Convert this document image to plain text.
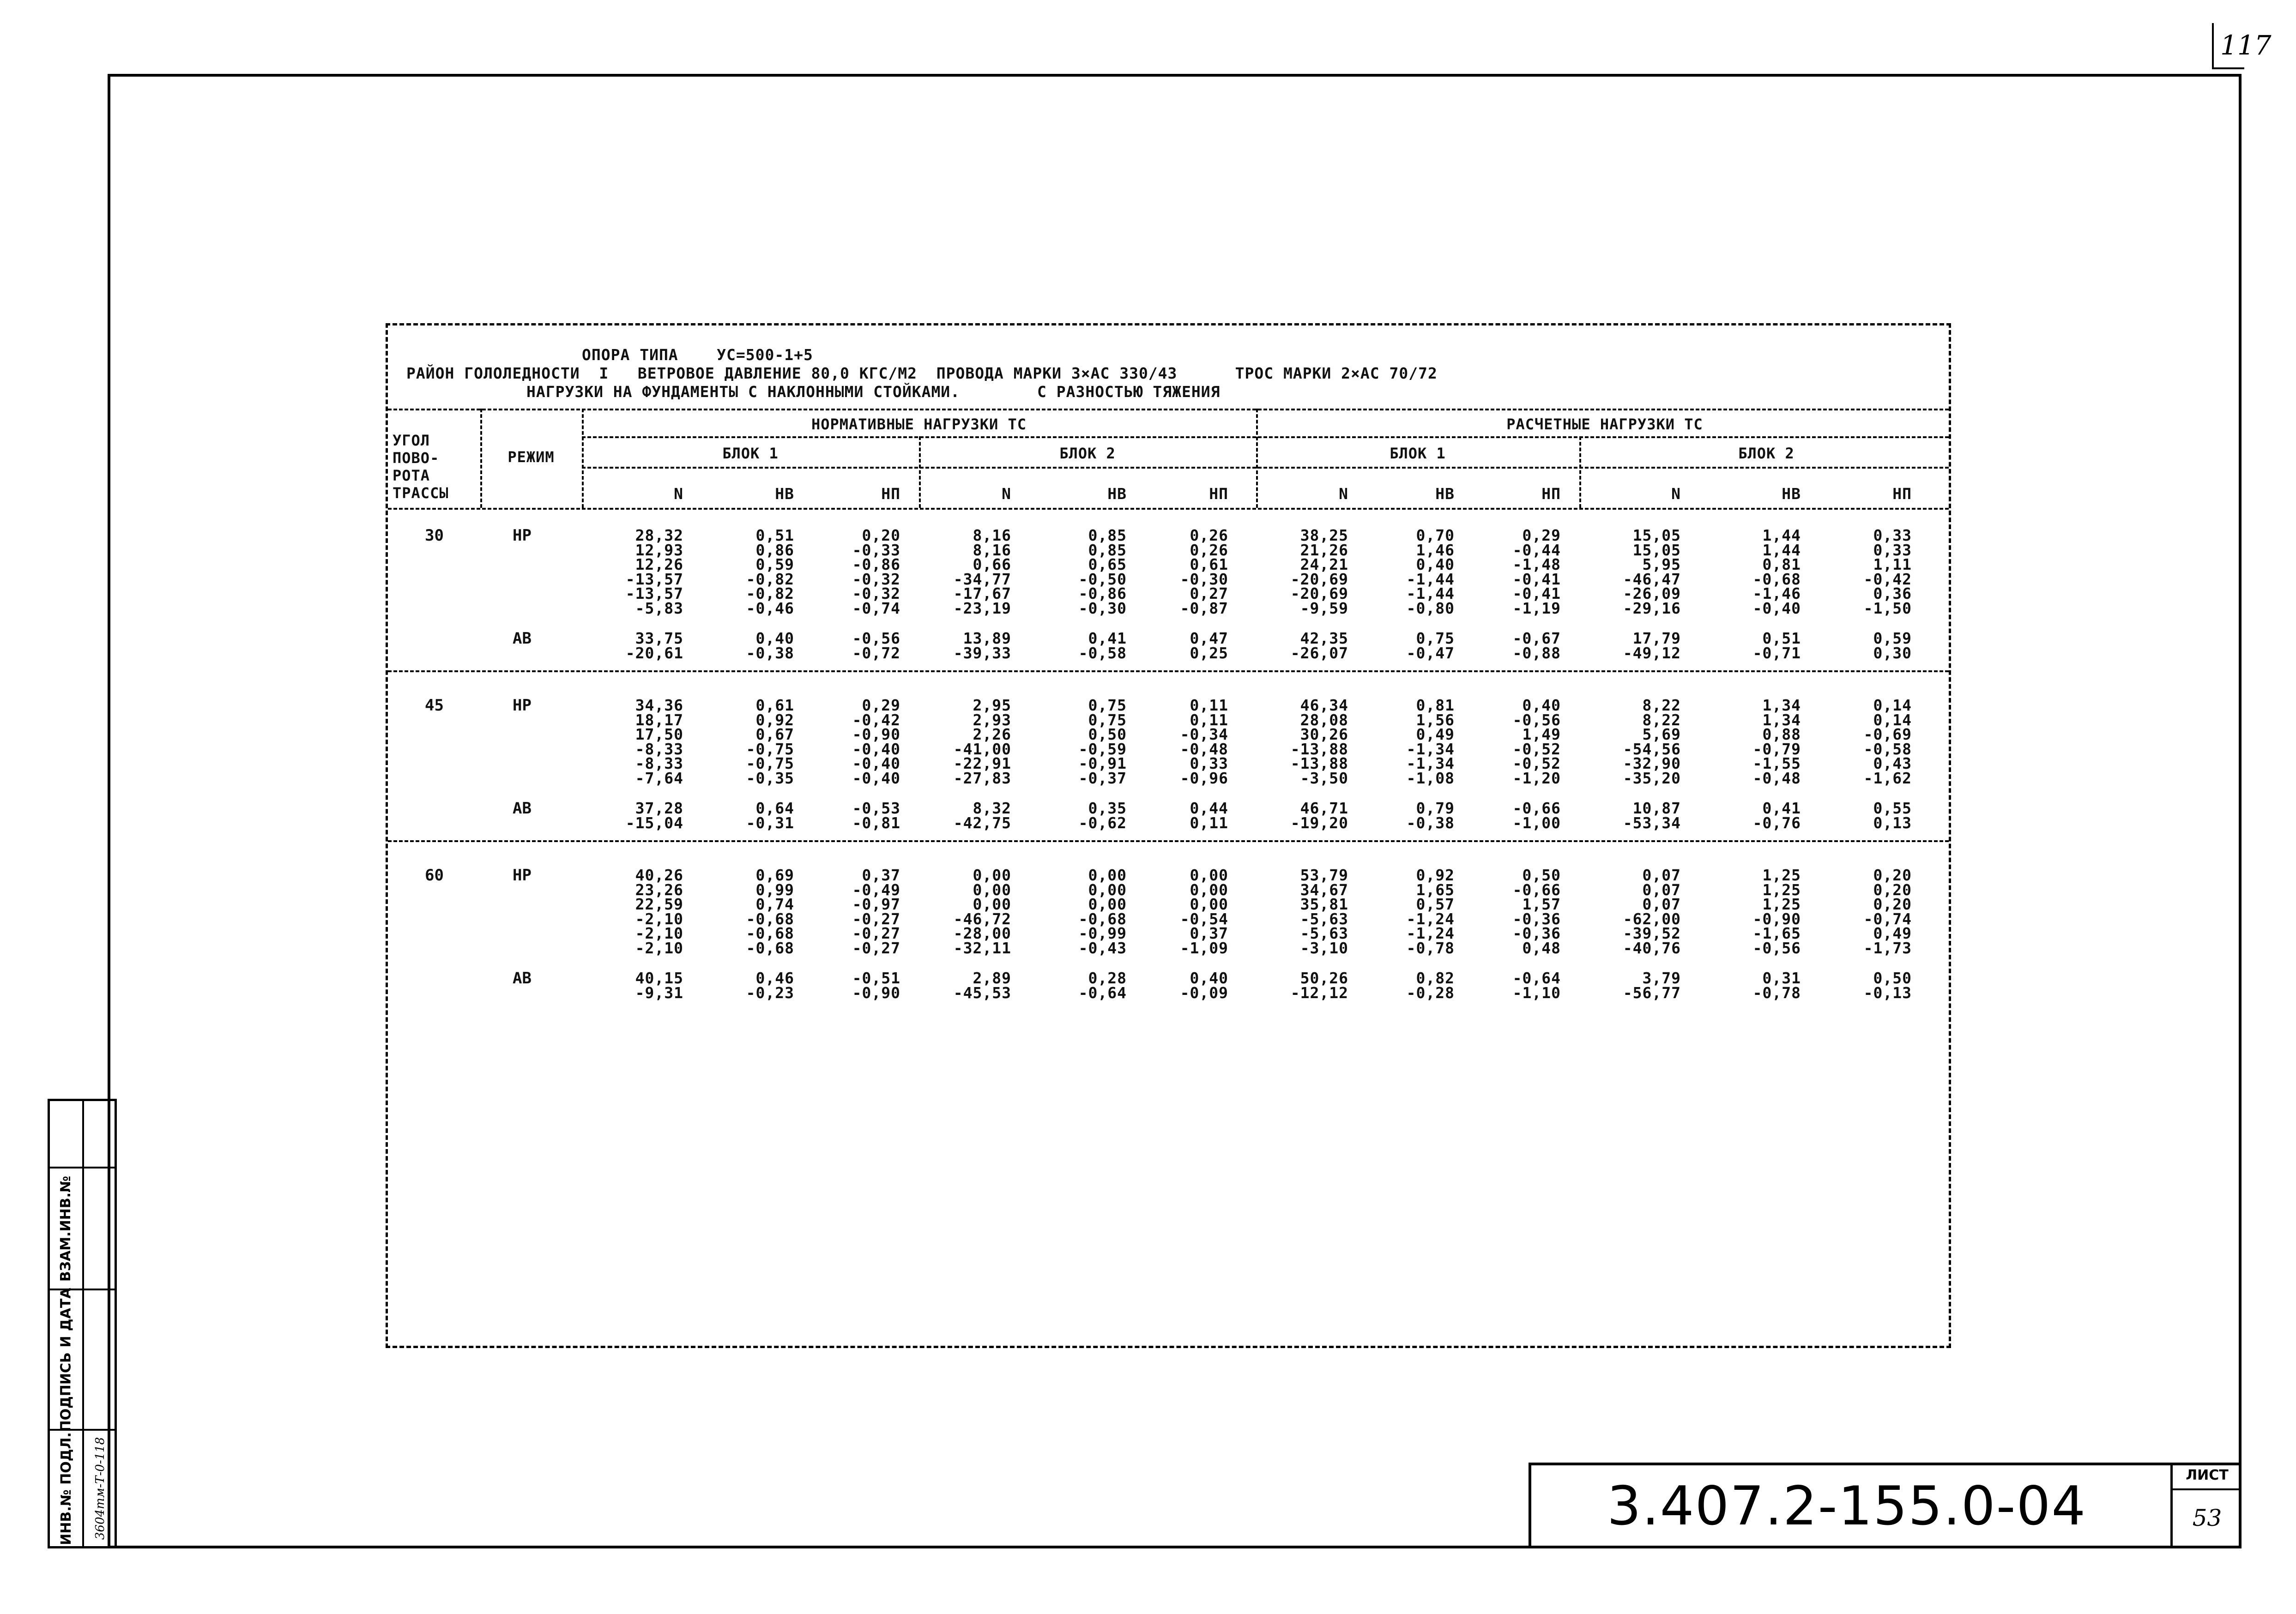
117
ИНВ.№ ПОДЛ.
ПОДПИСЬ И ДАТА
ВЗАМ.ИНВ.№
3604тм-Т-0-118	3.407.2-155.0-04	ЛИСТ
53
ОПОРА ТИПА    УС=500-1+5
РАЙОН ГОЛОЛЕДНОСТИ  I   ВЕТРОВОЕ ДАВЛЕНИЕ 80,0 КГС/М2  ПРОВОДА МАРКИ 3×АС 330/43      ТРОС МАРКИ 2×АС 70/72
НАГРУЗКИ НА ФУНДАМЕНТЫ С НАКЛОННЫМИ СТОЙКАМИ.        С РАЗНОСТЬЮ ТЯЖЕНИЯ
УГОЛ
ПОВО-
РОТА
ТРАССЫ
РЕЖИМ
НОРМАТИВНЫЕ НАГРУЗКИ ТС	РАСЧЕТНЫЕ НАГРУЗКИ ТС
БЛОК 1	БЛОК 2	БЛОК 1	БЛОК 2
N	НВ	НП	N	НВ	НП	N	НВ	НП	N	НВ	НП
30	НР	28,32	0,51	0,20	8,16	0,85	0,26	38,25	0,70	0,29	15,05	1,44	0,33
12,93	0,86	-0,33	8,16	0,85	0,26	21,26	1,46	-0,44	15,05	1,44	0,33
12,26	0,59	-0,86	0,66	0,65	0,61	24,21	0,40	-1,48	5,95	0,81	1,11
-13,57	-0,82	-0,32	-34,77	-0,50	-0,30	-20,69	-1,44	-0,41	-46,47	-0,68	-0,42
-13,57	-0,82	-0,32	-17,67	-0,86	0,27	-20,69	-1,44	-0,41	-26,09	-1,46	0,36
-5,83	-0,46	-0,74	-23,19	-0,30	-0,87	-9,59	-0,80	-1,19	-29,16	-0,40	-1,50
АВ	33,75	0,40	-0,56	13,89	0,41	0,47	42,35	0,75	-0,67	17,79	0,51	0,59
-20,61	-0,38	-0,72	-39,33	-0,58	0,25	-26,07	-0,47	-0,88	-49,12	-0,71	0,30
45	НР	34,36	0,61	0,29	2,95	0,75	0,11	46,34	0,81	0,40	8,22	1,34	0,14
18,17	0,92	-0,42	2,93	0,75	0,11	28,08	1,56	-0,56	8,22	1,34	0,14
17,50	0,67	-0,90	2,26	0,50	-0,34	30,26	0,49	1,49	5,69	0,88	-0,69
-8,33	-0,75	-0,40	-41,00	-0,59	-0,48	-13,88	-1,34	-0,52	-54,56	-0,79	-0,58
-8,33	-0,75	-0,40	-22,91	-0,91	0,33	-13,88	-1,34	-0,52	-32,90	-1,55	0,43
-7,64	-0,35	-0,40	-27,83	-0,37	-0,96	-3,50	-1,08	-1,20	-35,20	-0,48	-1,62
АВ	37,28	0,64	-0,53	8,32	0,35	0,44	46,71	0,79	-0,66	10,87	0,41	0,55
-15,04	-0,31	-0,81	-42,75	-0,62	0,11	-19,20	-0,38	-1,00	-53,34	-0,76	0,13
60	НР	40,26	0,69	0,37	0,00	0,00	0,00	53,79	0,92	0,50	0,07	1,25	0,20
23,26	0,99	-0,49	0,00	0,00	0,00	34,67	1,65	-0,66	0,07	1,25	0,20
22,59	0,74	-0,97	0,00	0,00	0,00	35,81	0,57	1,57	0,07	1,25	0,20
-2,10	-0,68	-0,27	-46,72	-0,68	-0,54	-5,63	-1,24	-0,36	-62,00	-0,90	-0,74
-2,10	-0,68	-0,27	-28,00	-0,99	0,37	-5,63	-1,24	-0,36	-39,52	-1,65	0,49
-2,10	-0,68	-0,27	-32,11	-0,43	-1,09	-3,10	-0,78	0,48	-40,76	-0,56	-1,73
АВ	40,15	0,46	-0,51	2,89	0,28	0,40	50,26	0,82	-0,64	3,79	0,31	0,50
-9,31	-0,23	-0,90	-45,53	-0,64	-0,09	-12,12	-0,28	-1,10	-56,77	-0,78	-0,13
